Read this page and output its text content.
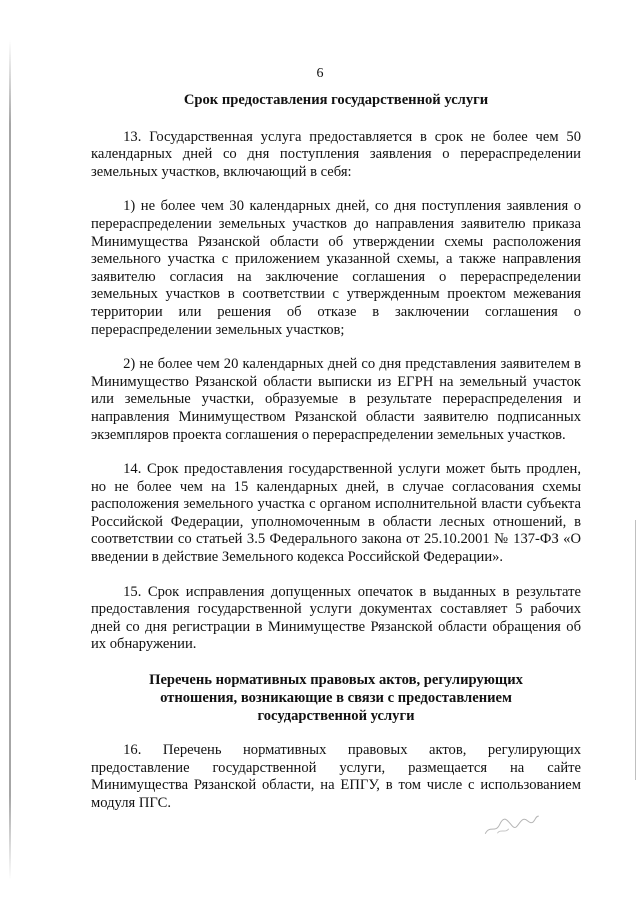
6

Срок предоставления государственной услуги

13. Государственная услуга предоставляется в срок не более чем 50 календарных дней со дня поступления заявления о перераспределении земельных участков, включающий в себя:

1) не более чем 30 календарных дней, со дня поступления заявления о перераспределении земельных участков до направления заявителю приказа Минимущества Рязанской области об утверждении схемы расположения земельного участка с приложением указанной схемы, а также направления заявителю согласия на заключение соглашения о перераспределении земельных участков в соответствии с утвержденным проектом межевания территории или решения об отказе в заключении соглашения о перераспределении земельных участков;

2) не более чем 20 календарных дней со дня представления заявителем в Минимущество Рязанской области выписки из ЕГРН на земельный участок или земельные участки, образуемые в результате перераспределения и направления Минимуществом Рязанской области заявителю подписанных экземпляров проекта соглашения о перераспределении земельных участков.

14. Срок предоставления государственной услуги может быть продлен, но не более чем на 15 календарных дней, в случае согласования схемы расположения земельного участка с органом исполнительной власти субъекта Российской Федерации, уполномоченным в области лесных отношений, в соответствии со статьей 3.5 Федерального закона от 25.10.2001 № 137-ФЗ «О введении в действие Земельного кодекса Российской Федерации».

15. Срок исправления допущенных опечаток в выданных в результате предоставления государственной услуги документах составляет 5 рабочих дней со дня регистрации в Минимуществе Рязанской области обращения об их обнаружении.

Перечень нормативных правовых актов, регулирующих
отношения, возникающие в связи с предоставлением
государственной услуги

16. Перечень нормативных правовых актов, регулирующих предоставление государственной услуги, размещается на сайте Минимущества Рязанской области, на ЕПГУ, в том числе с использованием модуля ПГС.
